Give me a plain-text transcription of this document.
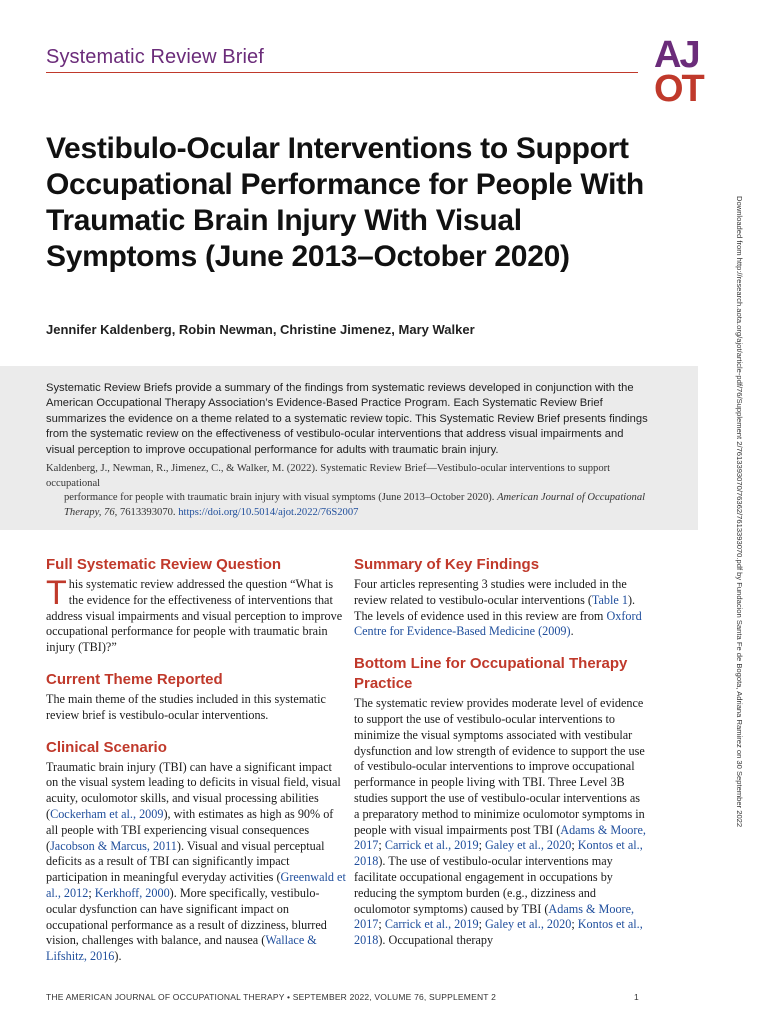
Systematic Review Brief	AJ
OT
Vestibulo-Ocular Interventions to Support Occupational Performance for People With Traumatic Brain Injury With Visual Symptoms (June 2013–October 2020)
Jennifer Kaldenberg, Robin Newman, Christine Jimenez, Mary Walker

Systematic Review Briefs provide a summary of the findings from systematic reviews developed in conjunction with the American Occupational Therapy Association’s Evidence-Based Practice Program. Each Systematic Review Brief summarizes the evidence on a theme related to a systematic review topic. This Systematic Review Brief presents findings from the systematic review on the effectiveness of vestibulo-ocular interventions that address visual impairments and visual perception to improve occupational performance for adults with traumatic brain injury.

Kaldenberg, J., Newman, R., Jimenez, C., & Walker, M. (2022). Systematic Review Brief—Vestibulo-ocular interventions to support occupational
performance for people with traumatic brain injury with visual symptoms (June 2013–October 2020). American Journal of Occupational Therapy, 76, 7613393070. https://doi.org/10.5014/ajot.2022/76S2007	Downloaded from http://research.aota.org/ajot/article-pdf/76/Supplement 2/7613393070/76362/7613393070.pdf by Fundacion Santa Fe de Bogota, Adriana Ramirez on 30 September 2022
Full Systematic Review Question

This systematic review addressed the question “What is the evidence for the effectiveness of interventions that address visual impairments and visual perception to improve occupational performance for people with traumatic brain injury (TBI)?”

Current Theme Reported

The main theme of the studies included in this systematic review brief is vestibulo-ocular interventions.

Clinical Scenario

Traumatic brain injury (TBI) can have a significant impact on the visual system leading to deficits in visual field, visual acuity, oculomotor skills, and visual processing abilities (Cockerham et al., 2009), with estimates as high as 90% of all people with TBI experiencing visual consequences (Jacobson & Marcus, 2011). Visual and visual perceptual deficits as a result of TBI can significantly impact participation in meaningful everyday activities (Greenwald et al., 2012; Kerkhoff, 2000). More specifically, vestibulo-ocular dysfunction can have significant impact on occupational performance as a result of dizziness, blurred vision, challenges with balance, and nausea (Wallace & Lifshitz, 2016).

Summary of Key Findings

Four articles representing 3 studies were included in the review related to vestibulo-ocular interventions (Table 1). The levels of evidence used in this review are from Oxford Centre for Evidence-Based Medicine (2009).

Bottom Line for Occupational Therapy Practice

The systematic review provides moderate level of evidence to support the use of vestibulo-ocular interventions to minimize the visual symptoms associated with vestibular dysfunction and low strength of evidence to support the use of vestibulo-ocular interventions to improve occupational performance in people living with TBI. Three Level 3B studies support the use of vestibulo-ocular interventions as a preparatory method to minimize oculomotor symptoms in people with visual impairments post TBI (Adams & Moore, 2017; Carrick et al., 2019; Galey et al., 2020; Kontos et al., 2018). The use of vestibulo-ocular interventions may facilitate occupational engagement in occupations by reducing the symptom burden (e.g., dizziness and oculomotor symptoms) caused by TBI (Adams & Moore, 2017; Carrick et al., 2019; Galey et al., 2020; Kontos et al., 2018). Occupational therapy

THE AMERICAN JOURNAL OF OCCUPATIONAL THERAPY • SEPTEMBER 2022, VOLUME 76, SUPPLEMENT 2	1
